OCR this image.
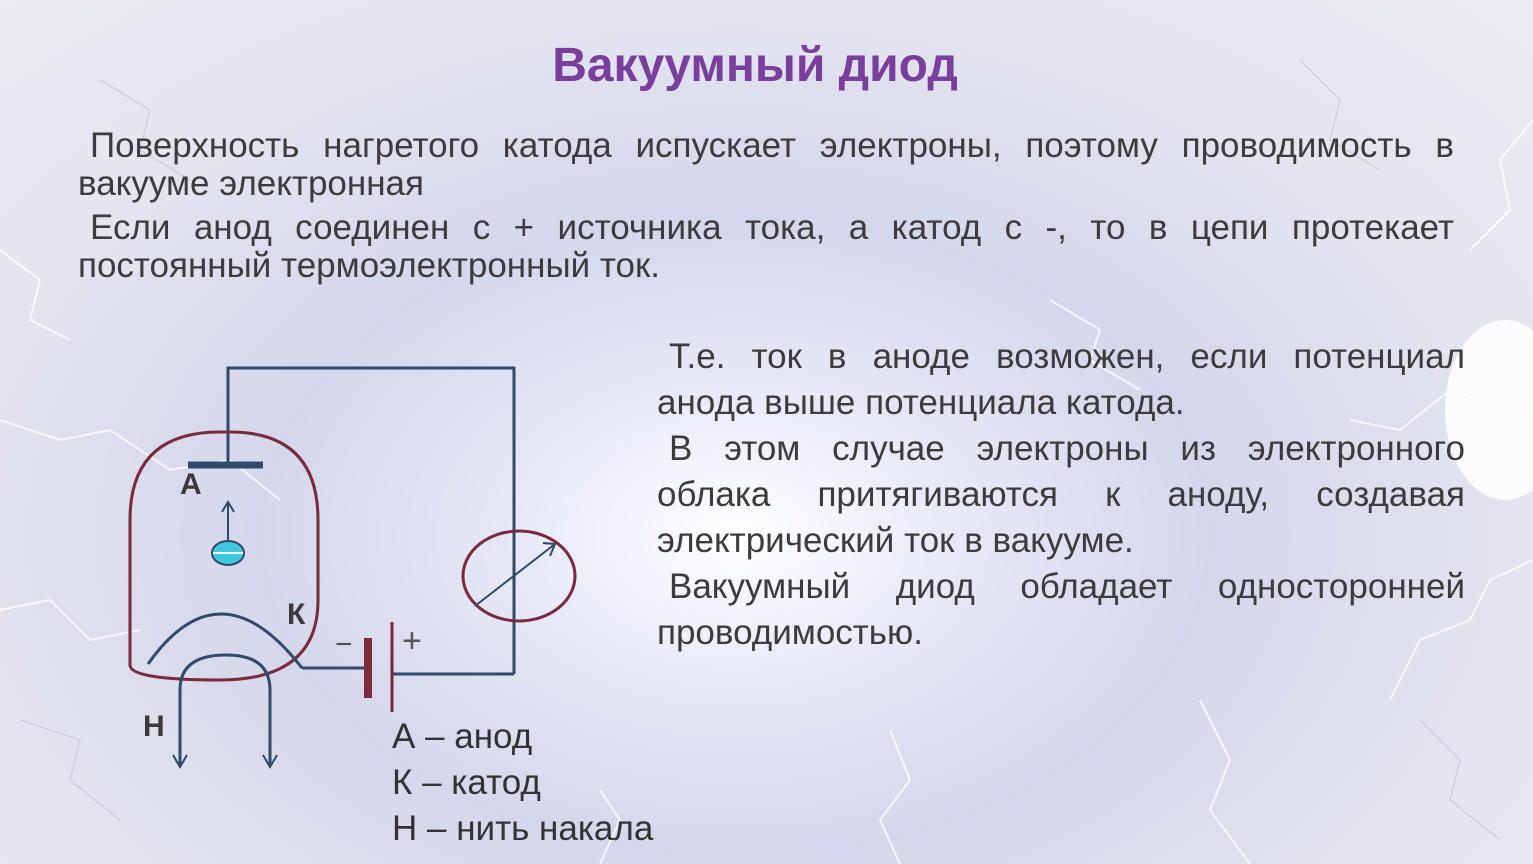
Вакуумный диод
Поверхность нагретого катода испускает электроны, поэтому проводимость в вакууме электронная
Если анод соединен с + источника тока, а катод с -, то в цепи протекает постоянный термоэлектронный ток.
− +
А
К
Н

Т.е. ток в аноде возможен, если потенциал анода выше потенциала катода.

В этом случае электроны из электронного облака притягиваются к аноду, создавая электрический ток в вакууме.

Вакуумный диод обладает односторонней проводимостью.

А – анод
К – катод
Н – нить накала
